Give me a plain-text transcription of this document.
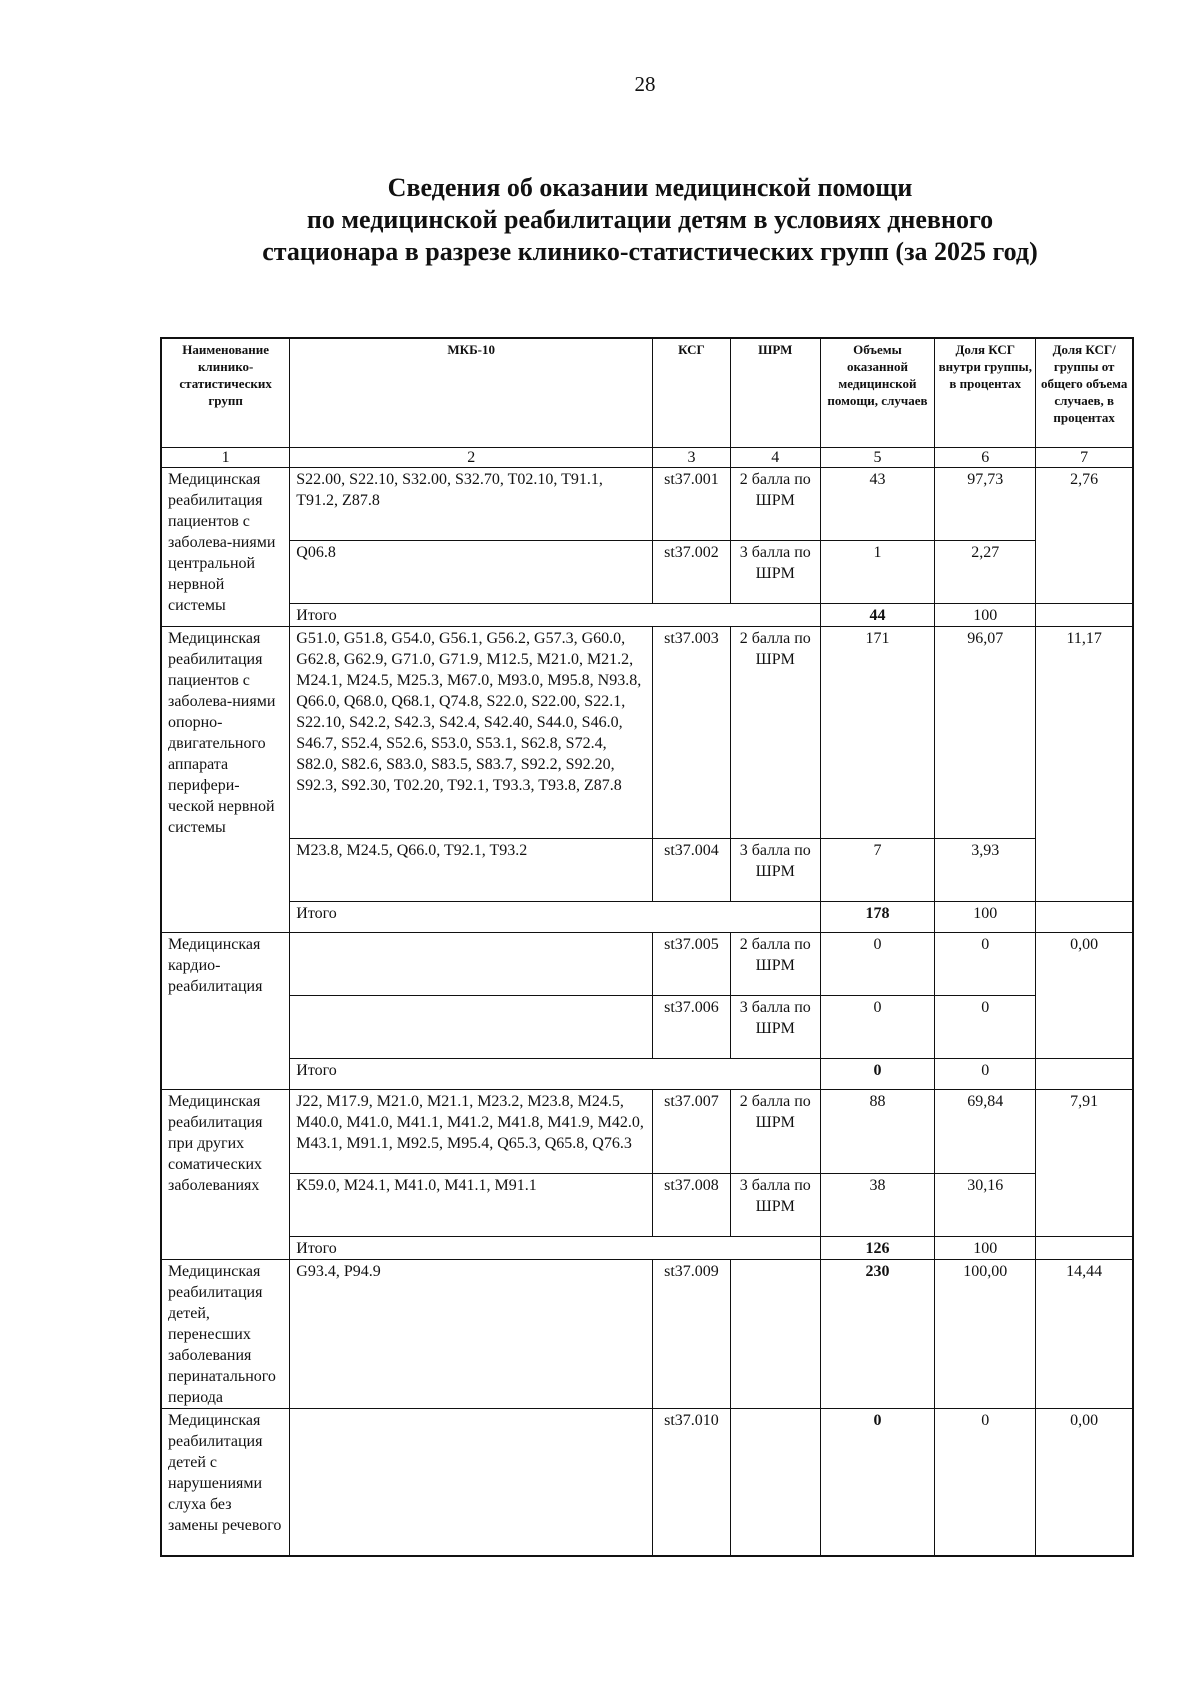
28
Сведения об оказании медицинской помощи
по медицинской реабилитации детям в условиях дневного
стационара в разрезе клинико-статистических групп (за 2025 год)
Наименование клинико-статистических групп	МКБ-10	КСГ	ШРМ	Объемы оказанной медицинской помощи, случаев	Доля КСГ внутри группы, в процентах	Доля КСГ/ группы от общего объема случаев, в процентах
1	2	3	4	5	6	7
Медицинская реабилитация пациентов с заболева-ниями центральной нервной системы	S22.00, S22.10, S32.00, S32.70, T02.10, T91.1, T91.2, Z87.8	st37.001	2 балла по ШРМ	43	97,73	2,76
	Q06.8	st37.002	3 балла по ШРМ	1	2,27	
	Итого			44	100	
Медицинская реабилитация пациентов с заболева-ниями опорно-двигательного аппарата перифери-ческой нервной системы	G51.0, G51.8, G54.0, G56.1, G56.2, G57.3, G60.0, G62.8, G62.9, G71.0, G71.9, M12.5, M21.0, M21.2, M24.1, M24.5, M25.3, M67.0, M93.0, M95.8, N93.8, Q66.0, Q68.0, Q68.1, Q74.8, S22.0, S22.00, S22.1, S22.10, S42.2, S42.3, S42.4, S42.40, S44.0, S46.0, S46.7, S52.4, S52.6, S53.0, S53.1, S62.8, S72.4, S82.0, S82.6, S83.0, S83.5, S83.7, S92.2, S92.20, S92.3, S92.30, T02.20, T92.1, T93.3, T93.8, Z87.8	st37.003	2 балла по ШРМ	171	96,07	11,17
	M23.8, M24.5, Q66.0, T92.1, T93.2	st37.004	3 балла по ШРМ	7	3,93	
	Итого			178	100	
Медицинская кардио-реабилитация		st37.005	2 балла по ШРМ	0	0	0,00
		st37.006	3 балла по ШРМ	0	0	
	Итого			0	0	
Медицинская реабилитация при других соматических заболеваниях	J22, M17.9, M21.0, M21.1, M23.2, M23.8, M24.5, M40.0, M41.0, M41.1, M41.2, M41.8, M41.9, M42.0, M43.1, M91.1, M92.5, M95.4, Q65.3, Q65.8, Q76.3	st37.007	2 балла по ШРМ	88	69,84	7,91
	K59.0, M24.1, M41.0, M41.1, M91.1	st37.008	3 балла по ШРМ	38	30,16	
	Итого			126	100	
Медицинская реабилитация детей, перенесших заболевания перинатального периода	G93.4, P94.9	st37.009		230	100,00	14,44
Медицинская реабилитация детей с нарушениями слуха без замены речевого		st37.010		0	0	0,00
